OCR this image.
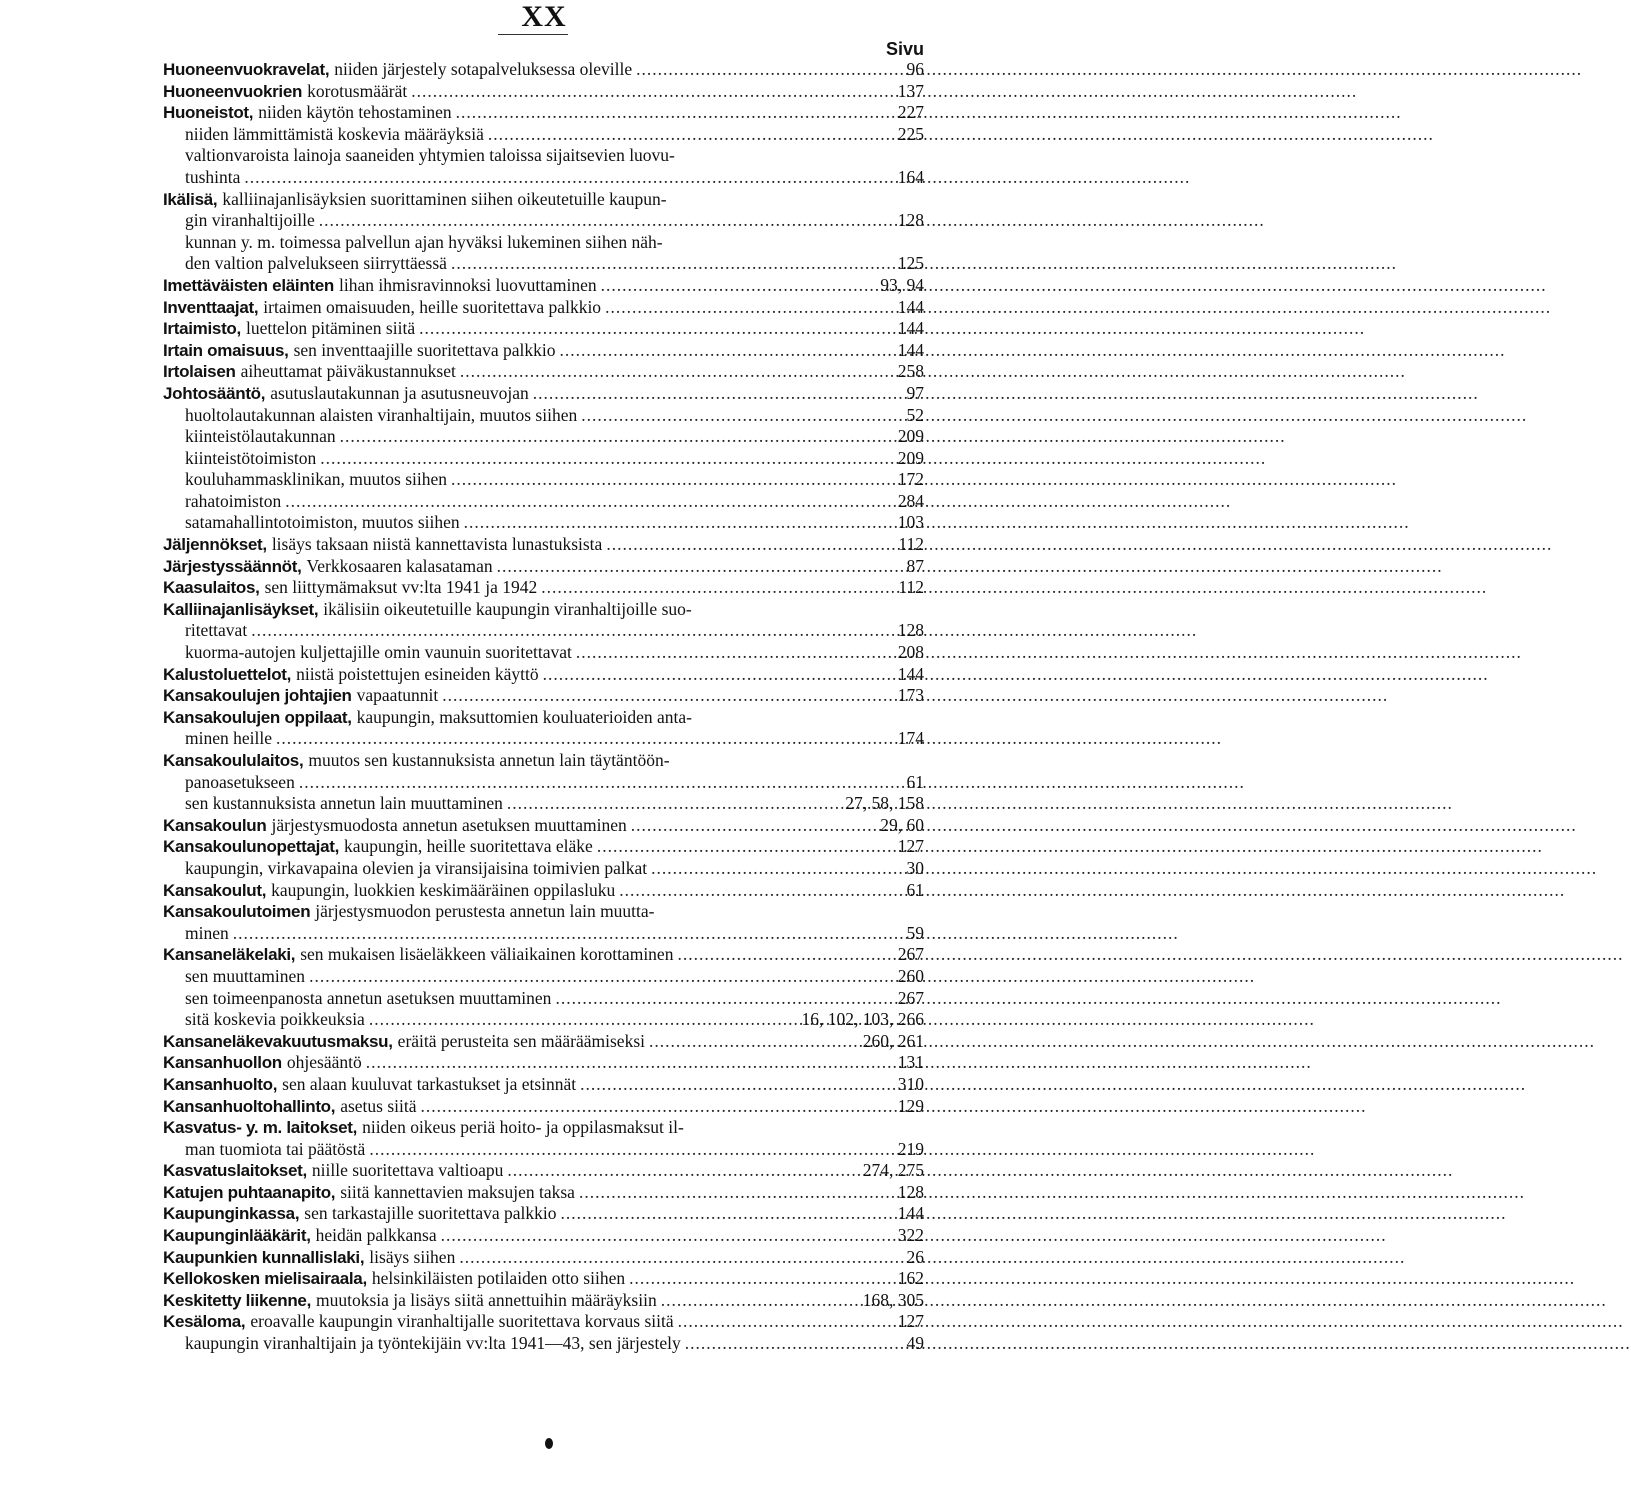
XX
Sivu
Huoneenvuokravelat, niiden järjestely sotapalveluksessa oleville .....	96
Huoneenvuokrien korotusmäärät .....	137
Huoneistot, niiden käytön tehostaminen .....	227
niiden lämmittämistä koskevia määräyksiä .....	225
valtionvaroista lainoja saaneiden yhtymien taloissa sijaitsevien luovu-
tushinta .....	164
Ikälisä, kalliinajanlisäyksien suorittaminen siihen oikeutetuille kaupun-
gin viranhaltijoille .....	128
kunnan y. m. toimessa palvellun ajan hyväksi lukeminen siihen näh-
den valtion palvelukseen siirryttäessä .....	125
Imettäväisten eläinten lihan ihmisravinnoksi luovuttaminen .....	93, 94
Inventtaajat, irtaimen omaisuuden, heille suoritettava palkkio .....	144
Irtaimisto, luettelon pitäminen siitä .....	144
Irtain omaisuus, sen inventtaajille suoritettava palkkio .....	144
Irtolaisen aiheuttamat päiväkustannukset .....	258
Johtosääntö, asutuslautakunnan ja asutusneuvojan .....	97
huoltolautakunnan alaisten viranhaltijain, muutos siihen .....	52
kiinteistölautakunnan .....	209
kiinteistötoimiston .....	209
kouluhammasklinikan, muutos siihen .....	172
rahatoimiston .....	284
satamahallintotoimiston, muutos siihen .....	103
Jäljennökset, lisäys taksaan niistä kannettavista lunastuksista .....	112
Järjestyssäännöt, Verkkosaaren kalasataman .....	87
Kaasulaitos, sen liittymämaksut vv:lta 1941 ja 1942 .....	112
Kalliinajanlisäykset, ikälisiin oikeutetuille kaupungin viranhaltijoille suo-
ritettavat .....	128
kuorma-autojen kuljettajille omin vaunuin suoritettavat .....	208
Kalustoluettelot, niistä poistettujen esineiden käyttö .....	144
Kansakoulujen johtajien vapaatunnit .....	173
Kansakoulujen oppilaat, kaupungin, maksuttomien kouluaterioiden anta-
minen heille .....	174
Kansakoululaitos, muutos sen kustannuksista annetun lain täytäntöön-
panoasetukseen .....	61
sen kustannuksista annetun lain muuttaminen .....	27, 58, 158
Kansakoulun järjestysmuodosta annetun asetuksen muuttaminen .....	29, 60
Kansakoulunopettajat, kaupungin, heille suoritettava eläke .....	127
kaupungin, virkavapaina olevien ja viransijaisina toimivien palkat .....	30
Kansakoulut, kaupungin, luokkien keskimääräinen oppilasluku .....	61
Kansakoulutoimen järjestysmuodon perustesta annetun lain muutta-
minen .....	59
Kansaneläkelaki, sen mukaisen lisäeläkkeen väliaikainen korottaminen .....	267
sen muuttaminen .....	260
sen toimeenpanosta annetun asetuksen muuttaminen .....	267
sitä koskevia poikkeuksia .....	16, 102, 103, 266
Kansaneläkevakuutusmaksu, eräitä perusteita sen määräämiseksi .....	260, 261
Kansanhuollon ohjesääntö .....	131
Kansanhuolto, sen alaan kuuluvat tarkastukset ja etsinnät .....	310
Kansanhuoltohallinto, asetus siitä .....	129
Kasvatus- y. m. laitokset, niiden oikeus periä hoito- ja oppilasmaksut il-
man tuomiota tai päätöstä .....	219
Kasvatuslaitokset, niille suoritettava valtioapu .....	274, 275
Katujen puhtaanapito, siitä kannettavien maksujen taksa .....	128
Kaupunginkassa, sen tarkastajille suoritettava palkkio .....	144
Kaupunginlääkärit, heidän palkkansa .....	322
Kaupunkien kunnallislaki, lisäys siihen .....	26
Kellokosken mielisairaala, helsinkiläisten potilaiden otto siihen .....	162
Keskitetty liikenne, muutoksia ja lisäys siitä annettuihin määräyksiin .....	168, 305
Kesäloma, eroavalle kaupungin viranhaltijalle suoritettava korvaus siitä .....	127
kaupungin viranhaltijain ja työntekijäin vv:lta 1941—43, sen järjestely .....	49
